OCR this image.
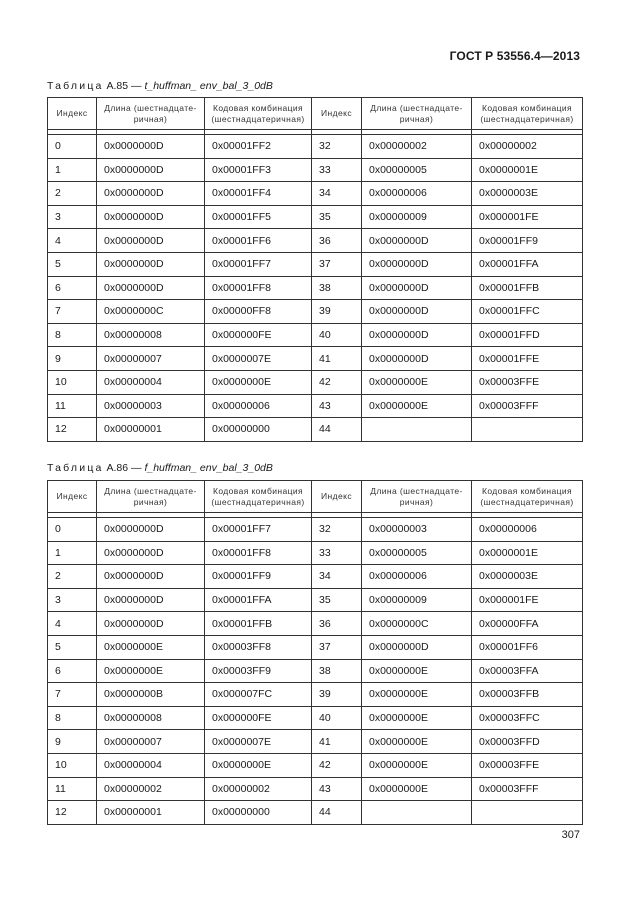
ГОСТ Р 53556.4—2013
Таблица А.85 — t_huffman_ env_bal_3_0dB
Индекс	Длина (шестнадцате-ричная)	Кодовая комбинация (шестнадцатеричная)	Индекс	Длина (шестнадцате-ричная)	Кодовая комбинация (шестнадцатеричная)

0	0x0000000D	0x00001FF2	32	0x00000002	0x00000002
1	0x0000000D	0x00001FF3	33	0x00000005	0x0000001E
2	0x0000000D	0x00001FF4	34	0x00000006	0x0000003E
3	0x0000000D	0x00001FF5	35	0x00000009	0x000001FE
4	0x0000000D	0x00001FF6	36	0x0000000D	0x00001FF9
5	0x0000000D	0x00001FF7	37	0x0000000D	0x00001FFA
6	0x0000000D	0x00001FF8	38	0x0000000D	0x00001FFB
7	0x0000000C	0x00000FF8	39	0x0000000D	0x00001FFC
8	0x00000008	0x000000FE	40	0x0000000D	0x00001FFD
9	0x00000007	0x0000007E	41	0x0000000D	0x00001FFE
10	0x00000004	0x0000000E	42	0x0000000E	0x00003FFE
11	0x00000003	0x00000006	43	0x0000000E	0x00003FFF
12	0x00000001	0x00000000	44		
Таблица А.86 — f_huffman_ env_bal_3_0dB
Индекс	Длина (шестнадцате-ричная)	Кодовая комбинация (шестнадцатеричная)	Индекс	Длина (шестнадцате-ричная)	Кодовая комбинация (шестнадцатеричная)

0	0x0000000D	0x00001FF7	32	0x00000003	0x00000006
1	0x0000000D	0x00001FF8	33	0x00000005	0x0000001E
2	0x0000000D	0x00001FF9	34	0x00000006	0x0000003E
3	0x0000000D	0x00001FFA	35	0x00000009	0x000001FE
4	0x0000000D	0x00001FFB	36	0x0000000C	0x00000FFA
5	0x0000000E	0x00003FF8	37	0x0000000D	0x00001FF6
6	0x0000000E	0x00003FF9	38	0x0000000E	0x00003FFA
7	0x0000000B	0x000007FC	39	0x0000000E	0x00003FFB
8	0x00000008	0x000000FE	40	0x0000000E	0x00003FFC
9	0x00000007	0x0000007E	41	0x0000000E	0x00003FFD
10	0x00000004	0x0000000E	42	0x0000000E	0x00003FFE
11	0x00000002	0x00000002	43	0x0000000E	0x00003FFF
12	0x00000001	0x00000000	44		
307
